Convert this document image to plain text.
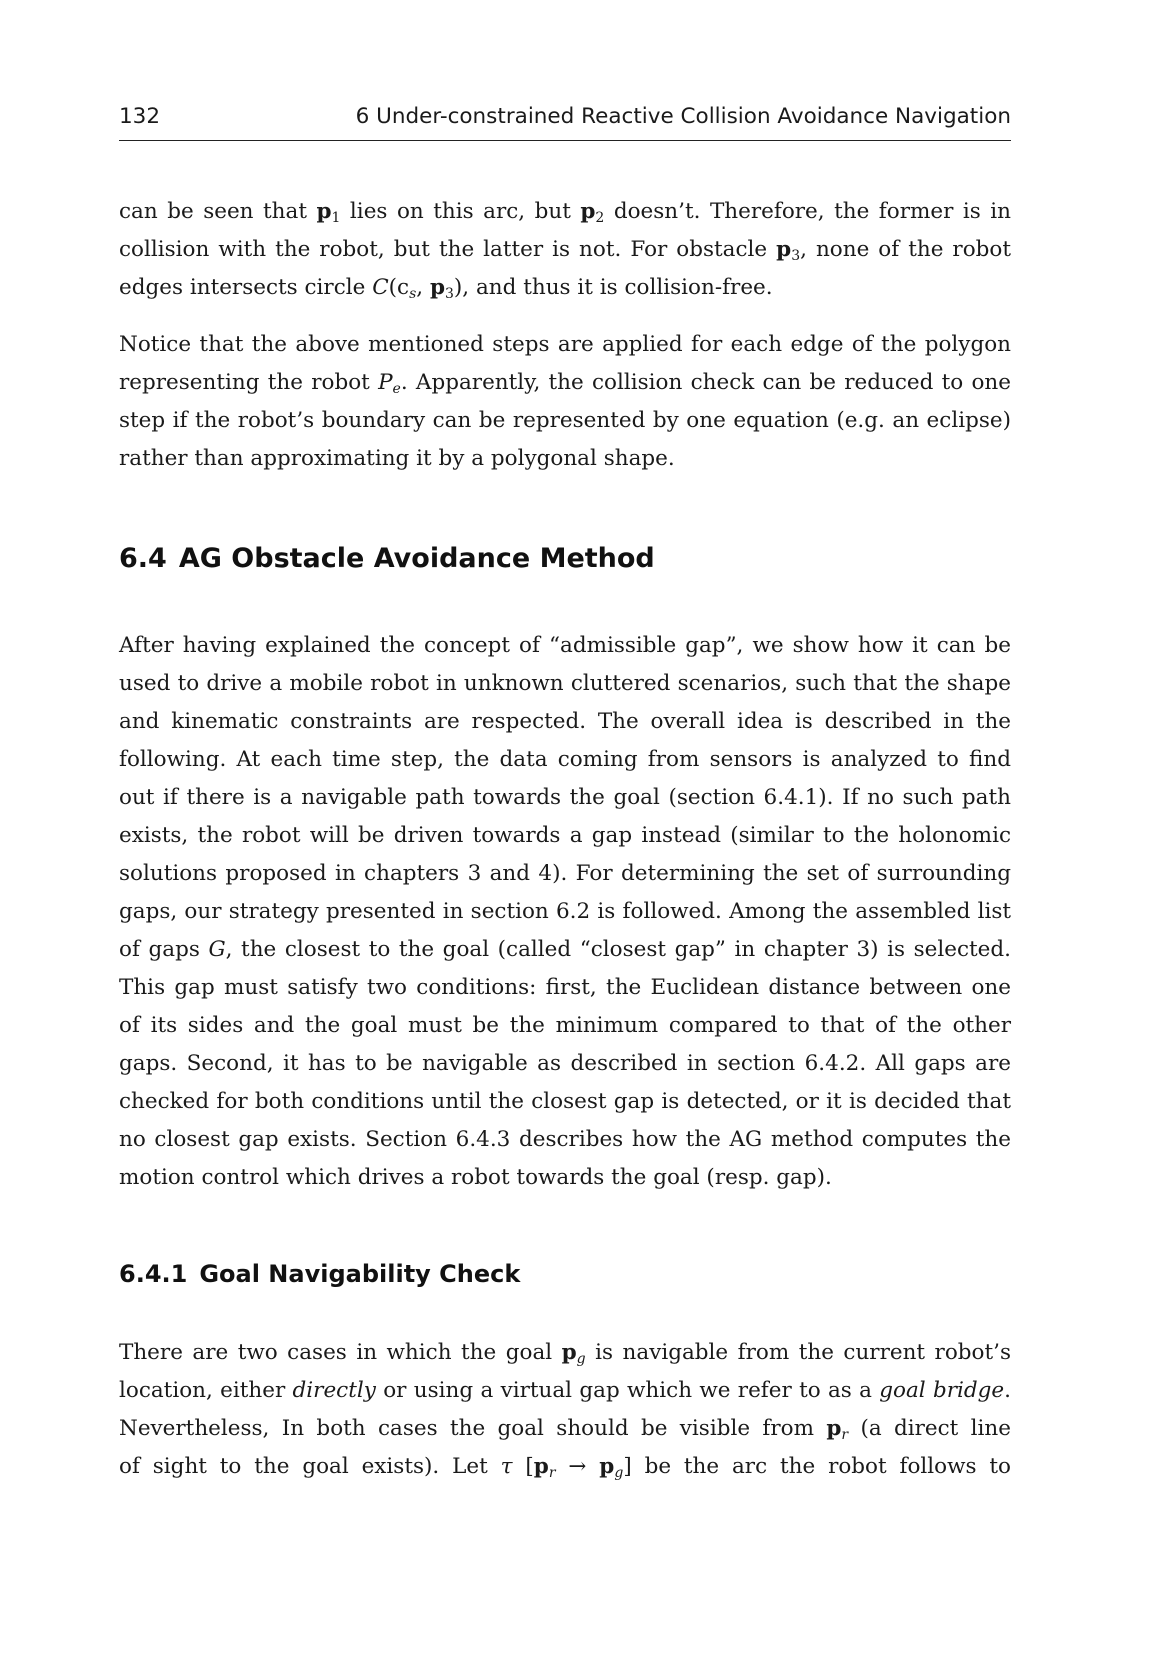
132	6 Under-constrained Reactive Collision Avoidance Navigation
can be seen that $p_1$ lies on this arc, but $p_2$ doesn’t. Therefore, the former is in
collision with the robot, but the latter is not. For obstacle $p_3$, none of the robot
edges intersects circle $C(c_s$, $p_3$), and thus it is collision-free.
Notice that the above mentioned steps are applied for each edge of the polygon
representing the robot $P_e$. Apparently, the collision check can be reduced to one
step if the robot’s boundary can be represented by one equation (e.g. an eclipse)
rather than approximating it by a polygonal shape.
6.4 AG Obstacle Avoidance Method
After having explained the concept of “admissible gap”, we show how it can be
used to drive a mobile robot in unknown cluttered scenarios, such that the shape
and kinematic constraints are respected. The overall idea is described in the
following. At each time step, the data coming from sensors is analyzed to find
out if there is a navigable path towards the goal (section 6.4.1). If no such path
exists, the robot will be driven towards a gap instead (similar to the holonomic
solutions proposed in chapters 3 and 4). For determining the set of surrounding
gaps, our strategy presented in section 6.2 is followed. Among the assembled list
of gaps G, the closest to the goal (called “closest gap” in chapter 3) is selected.
This gap must satisfy two conditions: first, the Euclidean distance between one
of its sides and the goal must be the minimum compared to that of the other
gaps. Second, it has to be navigable as described in section 6.4.2. All gaps are
checked for both conditions until the closest gap is detected, or it is decided that
no closest gap exists. Section 6.4.3 describes how the AG method computes the
motion control which drives a robot towards the goal (resp. gap).
6.4.1 Goal Navigability Check
There are two cases in which the goal $p_g$ is navigable from the current robot’s
location, either directly or using a virtual gap which we refer to as a goal bridge.
Nevertheless, In both cases the goal should be visible from $p_r$ (a direct line
of sight to the goal exists). Let τ $[p_r \to p_g]$ be the arc the robot follows to
